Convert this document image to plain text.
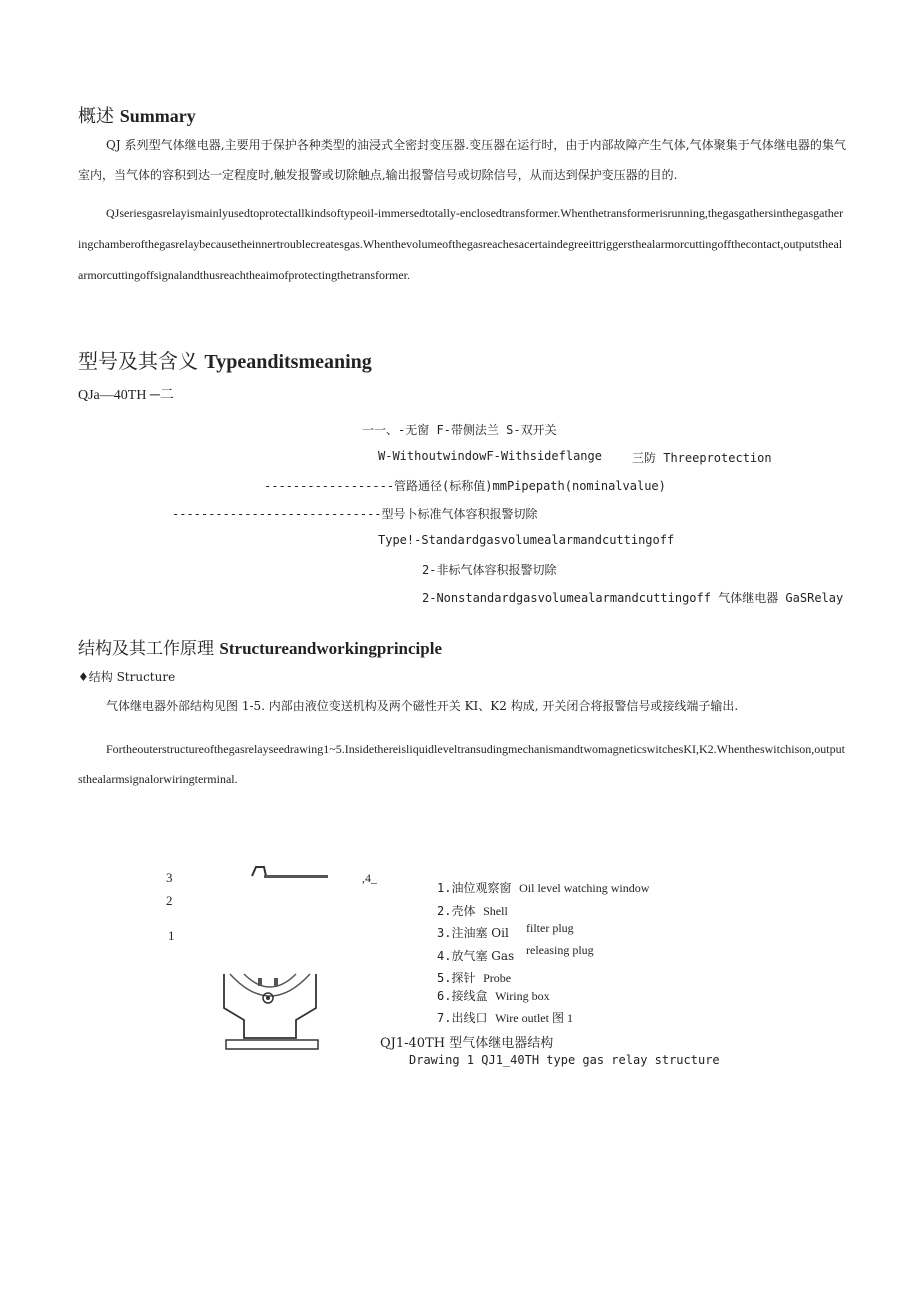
概述 Summary
QJ 系列型气体继电器,主要用于保护各种类型的油浸式全密封变压器.变压器在运行时，由于内部故障产生气体,气体聚集于气体继电器的集气室内，当气体的容积到达一定程度时,触发报警或切除触点,输出报警信号或切除信号，从而达到保护变压器的目的.
QJseriesgasrelayismainlyusedtoprotectallkindsoftypeoil-immersedtotally-enclosedtransformer.Whenthetransformerisrunning,thegasgathersinthegasgatheringchamberofthegasrelaybecausetheinnertroublecreatesgas.Whenthevolumeofthegasreachesacertaindegreeittriggersthealarmorcuttingoffthecontact,outputsthealarmorcuttingoffsignalandthusreachtheaimofprotectingthetransformer.
型号及其含义 Typeanditsmeaning
QJa—40TH ─二
一一、-无窗 F-带侧法兰 S-双开关
W-WithoutwindowF-Withsideflange	三防 Threeprotection
------------------管路通径(标称值)mmPipepath(nominalvalue)
-----------------------------型号卜标准气体容积报警切除
Type!-Standardgasvolumealarmandcuttingoff
2-非标气体容积报警切除
2-Nonstandardgasvolumealarmandcuttingoff 气体继电器 GaSRelay
结构及其工作原理 Structureandworkingprinciple
♦结构 Structure
气体继电器外部结构见图 1-5. 内部由液位变送机构及两个磁性开关 KI、K2 构成, 开关闭合将报警信号或接线端子输出.
Fortheouterstructureofthegasrelayseedrawing1~5.InsidethereisliquidleveltransudingmechanismandtwomagneticswitchesKI,K2.Whentheswitchison,outputsthealarmsignalorwiringterminal.
3
2
1
,4_
1.油位观察窗 Oil level watching window
2.壳体 Shell
3.注油塞 Oil filter plug
4.放气塞 Gas releasing plug
5.探针 Probe
6.接线盒 Wiring box
7.出线口 Wire outlet 图 1
QJ1-40TH 型气体继电器结构
Drawing 1 QJ1_40TH type gas relay structure
